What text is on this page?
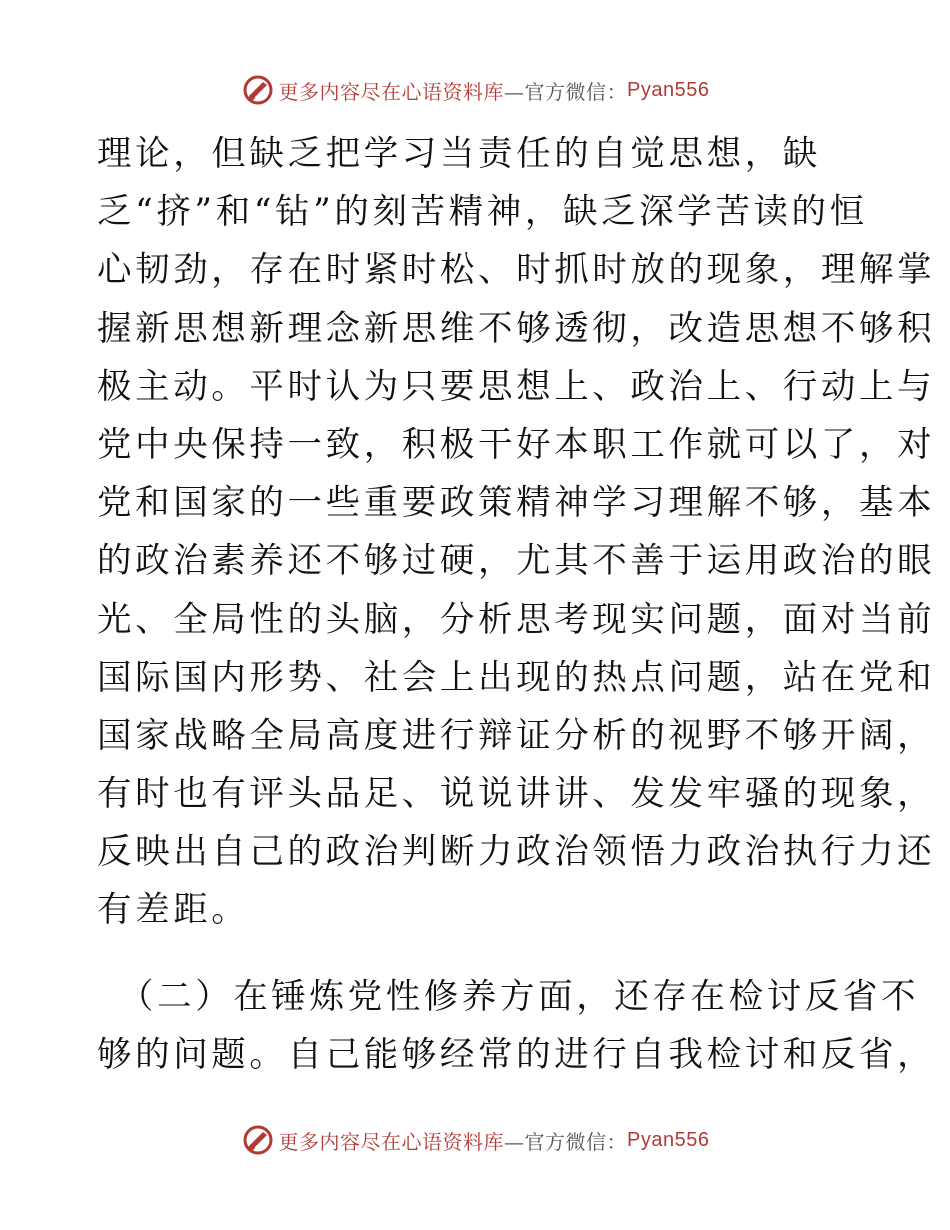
更多内容尽在心语资料库 —官方微信： Pyan556
理论，但缺乏把学习当责任的自觉思想，缺
乏“挤”和“钻”的刻苦精神，缺乏深学苦读的恒
心韧劲，存在时紧时松、时抓时放的现象，理解掌
握新思想新理念新思维不够透彻，改造思想不够积
极主动。平时认为只要思想上、政治上、行动上与
党中央保持一致，积极干好本职工作就可以了，对
党和国家的一些重要政策精神学习理解不够，基本
的政治素养还不够过硬，尤其不善于运用政治的眼
光、全局性的头脑，分析思考现实问题，面对当前
国际国内形势、社会上出现的热点问题，站在党和
国家战略全局高度进行辩证分析的视野不够开阔，
有时也有评头品足、说说讲讲、发发牢骚的现象，
反映出自己的政治判断力政治领悟力政治执行力还
有差距。
（二）在锤炼党性修养方面，还存在检讨反省不
够的问题。自己能够经常的进行自我检讨和反省，
更多内容尽在心语资料库 —官方微信： Pyan556
